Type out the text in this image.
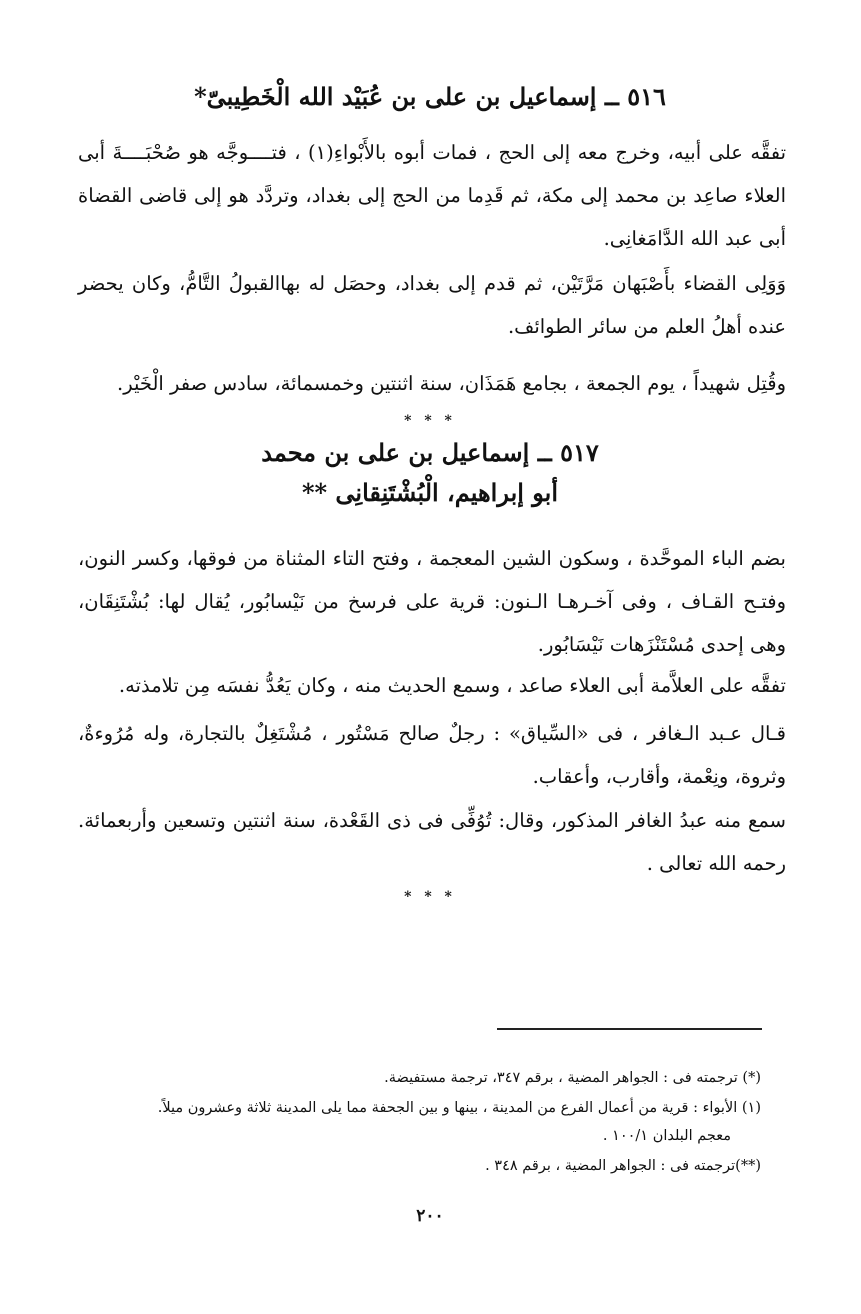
٥١٦ ــ إسماعيل بن على بن عُبَيْد الله الْخَطِيبىّ*

تفقَّه على أبيه، وخرج معه إلى الحج ، فمات أبوه بالأَبْواءِ(١) ، فتــــوجَّه هو صُحْبَــــةَ أبى العلاء صاعِد بن محمد إلى مكة، ثم قَدِما من الحج إلى بغداد، وتردَّد هو إلى قاضى القضاة أبى عبد الله الدَّامَغانِى.

وَوَلِى القضاء بأَصْبَهان مَرَّتَيْن، ثم قدم إلى بغداد، وحصَل له بهاالقبولُ التَّامُّ، وكان يحضر عنده أهلُ العلم من سائر الطوائف.

وقُتِل شهيداً ، يوم الجمعة ، بجامع هَمَذَان، سنة اثنتين وخمسمائة، سادس صفر الْخَيْر.

* * *
٥١٧ ــ إسماعيل بن على بن محمد
أبو إبراهيم، الْبُشْتَنِقانِى **

بضم الباء الموحَّدة ، وسكون الشين المعجمة ، وفتح التاء المثناة من فوقها، وكسر النون، وفتـح القـاف ، وفى آخـرهـا الـنون: قرية على فرسخ من نَيْسابُور، يُقال لها: بُشْتَنِقَان، وهى إحدى مُسْتَنْزَهات نَيْسَابُور.

تفقَّه على العلاَّمة أبى العلاء صاعد ، وسمع الحديث منه ، وكان يَعُدُّ نفسَه مِن تلامذته.

قـال عـبد الـغافر ، فى «السِّياق» : رجلٌ صالح مَسْتُور ، مُشْتَغِلٌ بالتجارة، وله مُرُوءةٌ، وثروة، ونِعْمة، وأقارب، وأعقاب.

سمع منه عبدُ الغافر المذكور، وقال: تُوُفِّى فى ذى القَعْدة، سنة اثنتين وتسعين وأربعمائة. رحمه الله تعالى .

* * *
(*) ترجمته فى : الجواهر المضية ، برقم ٣٤٧، ترجمة مستفيضة.
(١) الأبواء : قرية من أعمال الفرع من المدينة ، بينها و بين الجحفة مما يلى المدينة ثلاثة وعشرون ميلاً.
معجم البلدان ١٠٠/١ .
(**)ترجمته فى : الجواهر المضية ، برقم ٣٤٨ .
٢٠٠
